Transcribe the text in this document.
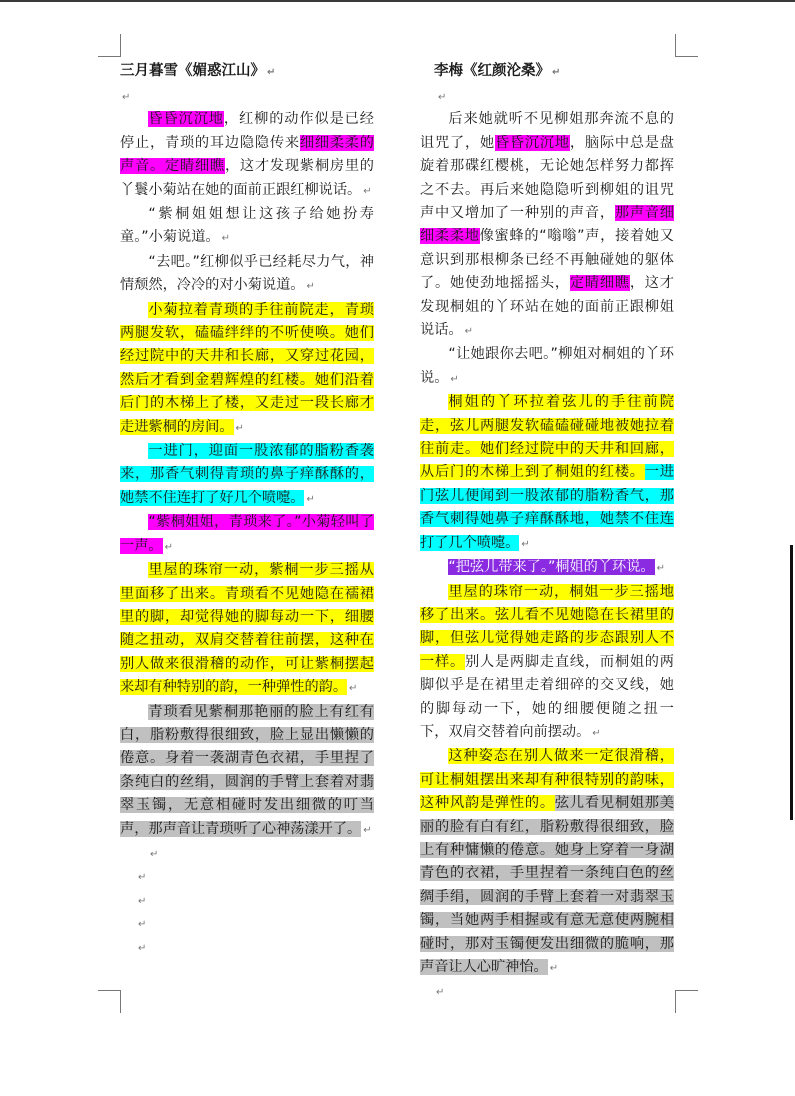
三月暮雪《媚惑江山》 ↵

↵

昏昏沉沉地，红柳的动作似是已经停止，青琐的耳边隐隐传来细细柔柔的声音。定睛细瞧，这才发现紫桐房里的丫鬟小菊站在她的面前正跟红柳说话。 ↵

“紫桐姐姐想让这孩子给她扮寿童。”小菊说道。 ↵

“去吧。”红柳似乎已经耗尽力气，神情颓然，冷冷的对小菊说道。 ↵

小菊拉着青琐的手往前院走，青琐两腿发软，磕磕绊绊的不听使唤。她们经过院中的天井和长廊，又穿过花园，然后才看到金碧辉煌的红楼。她们沿着后门的木梯上了楼，又走过一段长廊才走进紫桐的房间。 ↵

一进门，迎面一股浓郁的脂粉香袭来，那香气刺得青琐的鼻子痒酥酥的，她禁不住连打了好几个喷嚏。 ↵

“紫桐姐姐，青琐来了。”小菊轻叫了一声。 ↵

里屋的珠帘一动，紫桐一步三摇从里面移了出来。青琐看不见她隐在襦裙里的脚，却觉得她的脚每动一下，细腰随之扭动，双肩交替着往前摆，这种在别人做来很滑稽的动作，可让紫桐摆起来却有种特别的韵，一种弹性的韵。 ↵

青琐看见紫桐那艳丽的脸上有红有白，脂粉敷得很细致，脸上显出懒懒的倦意。身着一袭湖青色衣裙，手里捏了条纯白的丝绢，圆润的手臂上套着对翡翠玉镯，无意相碰时发出细微的叮当声，那声音让青琐听了心神荡漾开了。 ↵

↵

↵

↵

↵

↵

李梅《红颜沦桑》 ↵

↵

后来她就听不见柳姐那奔流不息的诅咒了，她昏昏沉沉地，脑际中总是盘旋着那碟红樱桃，无论她怎样努力都挥之不去。再后来她隐隐听到柳姐的诅咒声中又增加了一种别的声音，那声音细细柔柔地像蜜蜂的“嗡嗡”声，接着她又意识到那根柳条已经不再触碰她的躯体了。她使劲地摇摇头，定睛细瞧，这才发现桐姐的丫环站在她的面前正跟柳姐说话。 ↵

“让她跟你去吧。”柳姐对桐姐的丫环说。 ↵

桐姐的丫环拉着弦儿的手往前院走，弦儿两腿发软磕磕碰碰地被她拉着往前走。她们经过院中的天井和回廊，从后门的木梯上到了桐姐的红楼。一进门弦儿便闻到一股浓郁的脂粉香气，那香气刺得她鼻子痒酥酥地，她禁不住连打了几个喷嚏。 ↵

“把弦儿带来了。”桐姐的丫环说。 ↵

里屋的珠帘一动，桐姐一步三摇地移了出来。弦儿看不见她隐在长裙里的脚，但弦儿觉得她走路的步态跟别人不一样。别人是两脚走直线，而桐姐的两脚似乎是在裙里走着细碎的交叉线，她的脚每动一下，她的细腰便随之扭一下，双肩交替着向前摆动。 ↵

这种姿态在别人做来一定很滑稽，可让桐姐摆出来却有种很特别的韵味，这种风韵是弹性的。弦儿看见桐姐那美丽的脸有白有红，脂粉敷得很细致，脸上有种慵懒的倦意。她身上穿着一身湖青色的衣裙，手里捏着一条纯白色的丝绸手绢，圆润的手臂上套着一对翡翠玉镯，当她两手相握或有意无意使两腕相碰时，那对玉镯便发出细微的脆响，那声音让人心旷神怡。 ↵

↵
